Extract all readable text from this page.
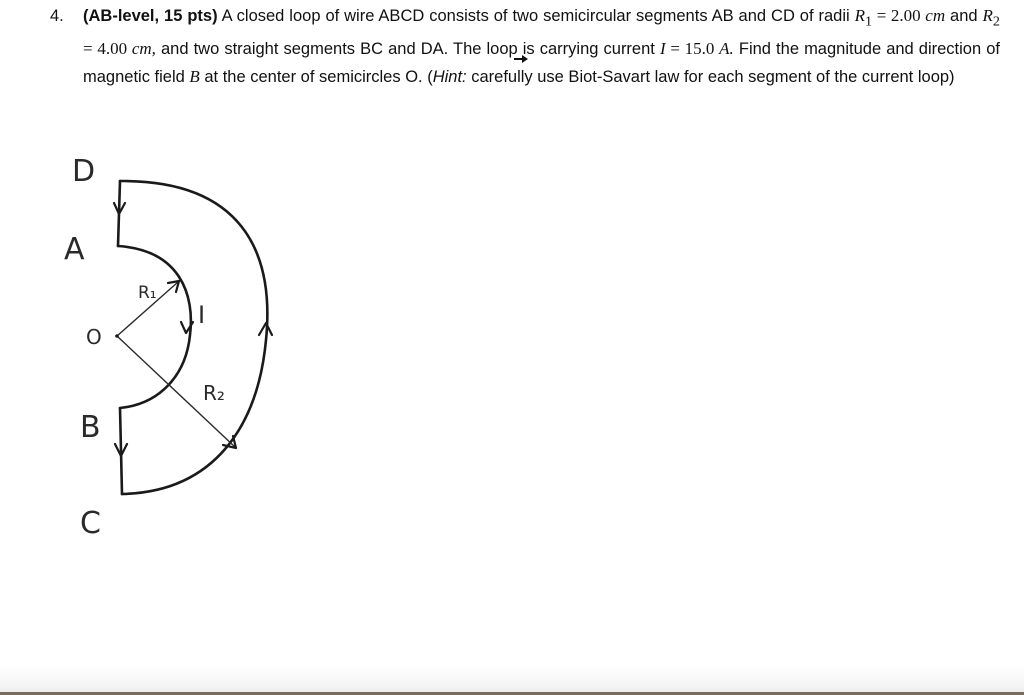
4. (AB-level, 15 pts) A closed loop of wire ABCD consists of two semicircular segments AB and CD of radii $R_1 = 2.00$ cm and $R_2 = 4.00$ cm, and two straight segments BC and DA. The loop is carrying current I = 15.0 A. Find the magnitude and direction of magnetic field B at the center of semicircles O. (Hint: carefully use Biot-Savart law for each segment of the current loop)
D
A
O
B
C
R₁
R₂
I
